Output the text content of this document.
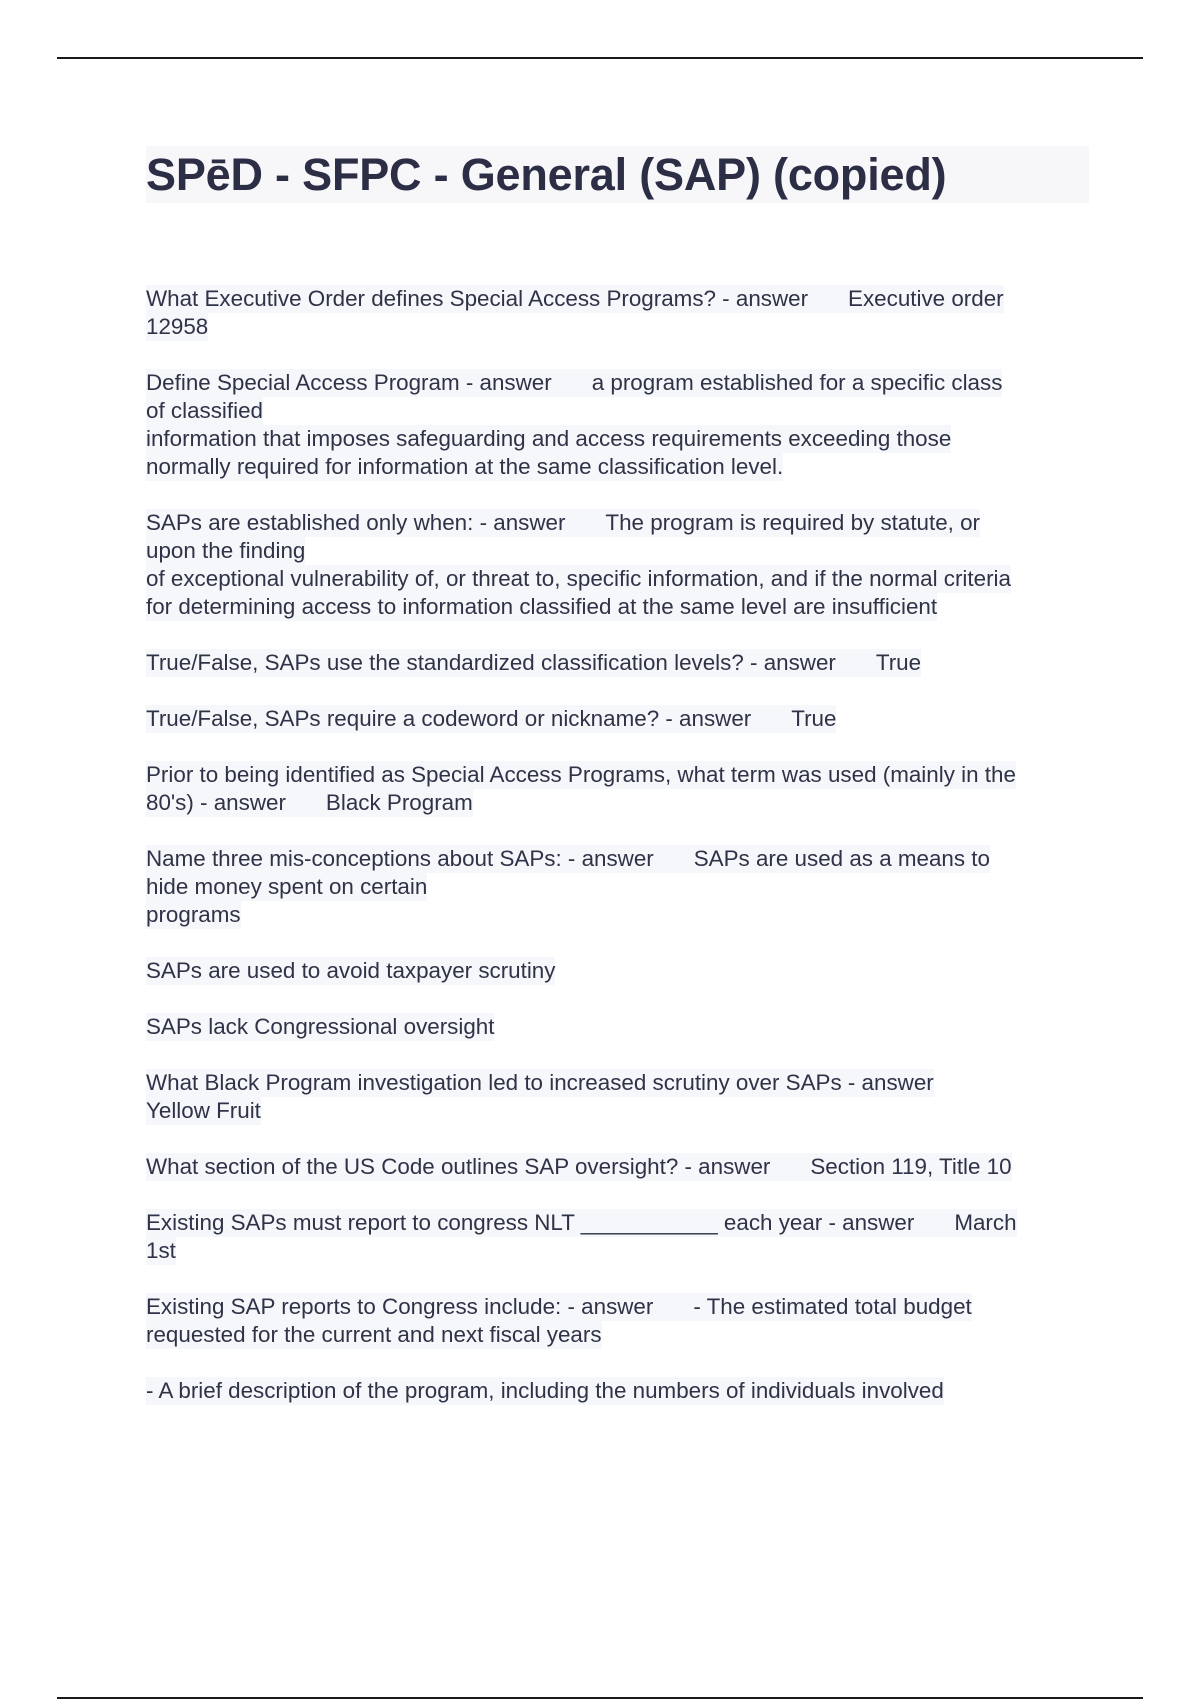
SPēD - SFPC - General (SAP) (copied)
What Executive Order defines Special Access Programs? - answer Executive order
12958
Define Special Access Program - answer a program established for a specific class
of classified
information that imposes safeguarding and access requirements exceeding those
normally required for information at the same classification level.
SAPs are established only when: - answer The program is required by statute, or
upon the finding
of exceptional vulnerability of, or threat to, specific information, and if the normal criteria
for determining access to information classified at the same level are insufficient
True/False, SAPs use the standardized classification levels? - answer True
True/False, SAPs require a codeword or nickname? - answer True
Prior to being identified as Special Access Programs, what term was used (mainly in the
80's) - answer Black Program
Name three mis-conceptions about SAPs: - answer SAPs are used as a means to
hide money spent on certain
programs
SAPs are used to avoid taxpayer scrutiny
SAPs lack Congressional oversight
What Black Program investigation led to increased scrutiny over SAPs - answer
Yellow Fruit
What section of the US Code outlines SAP oversight? - answer Section 119, Title 10
Existing SAPs must report to congress NLT ___________ each year - answer March
1st
Existing SAP reports to Congress include: - answer - The estimated total budget
requested for the current and next fiscal years
- A brief description of the program, including the numbers of individuals involved
